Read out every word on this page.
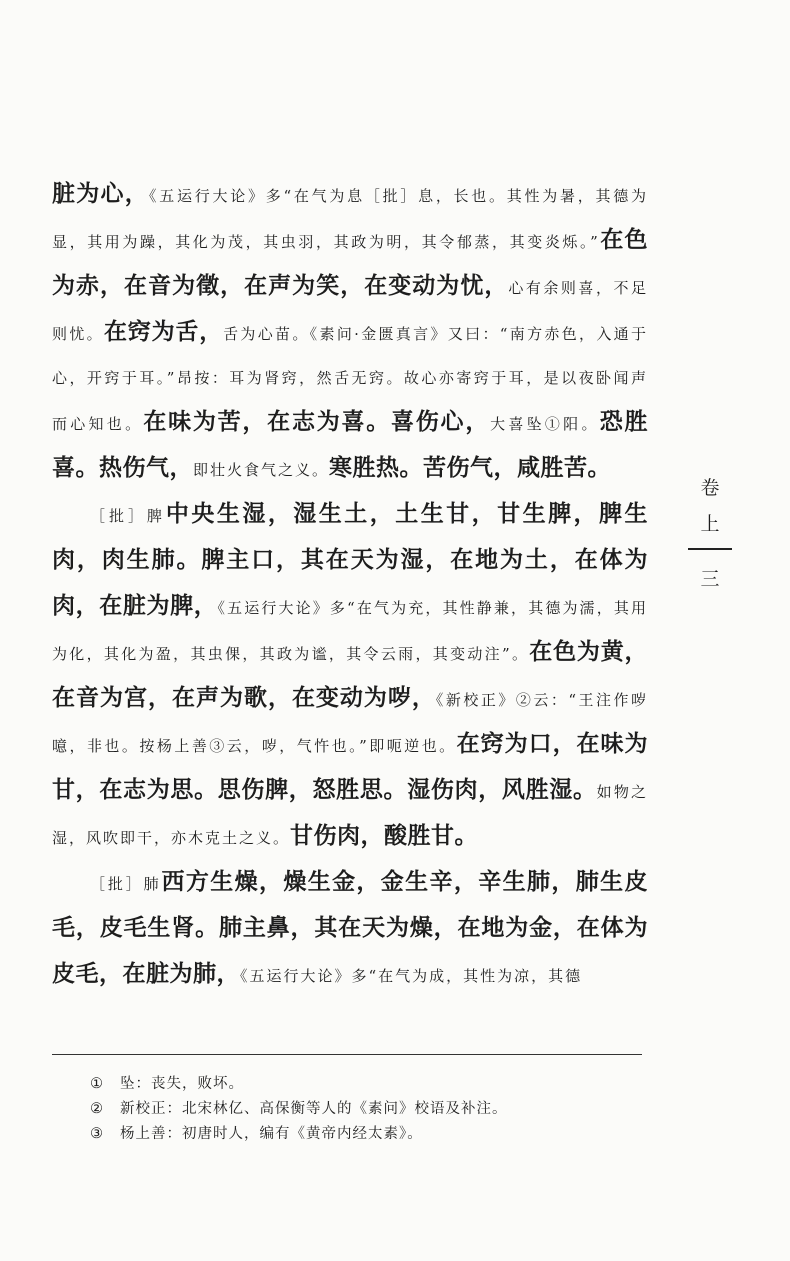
脏为心，《五运行大论》多“在气为息［批］息，长也。其性为暑，其德为显，其用为躁，其化为茂，其虫羽，其政为明，其令郁蒸，其变炎烁。”在色为赤，在音为徵，在声为笑，在变动为忧，心有余则喜，不足则忧。在窍为舌，舌为心苗。《素问·金匮真言》又曰：“南方赤色，入通于心，开窍于耳。”昂按：耳为肾窍，然舌无窍。故心亦寄窍于耳，是以夜卧闻声而心知也。在味为苦，在志为喜。喜伤心，大喜坠①阳。恐胜喜。热伤气，即壮火食气之义。寒胜热。苦伤气，咸胜苦。

［批］脾中央生湿，湿生土，土生甘，甘生脾，脾生肉，肉生肺。脾主口，其在天为湿，在地为土，在体为肉，在脏为脾，《五运行大论》多“在气为充，其性静兼，其德为濡，其用为化，其化为盈，其虫倮，其政为谧，其令云雨，其变动注”。在色为黄，在音为宫，在声为歌，在变动为哕，《新校正》②云：“王注作哕噫，非也。按杨上善③云，哕，气忤也。”即呃逆也。在窍为口，在味为甘，在志为思。思伤脾，怒胜思。湿伤肉，风胜湿。如物之湿，风吹即干，亦木克土之义。甘伤肉，酸胜甘。

［批］肺西方生燥，燥生金，金生辛，辛生肺，肺生皮毛，皮毛生肾。肺主鼻，其在天为燥，在地为金，在体为皮毛，在脏为肺，《五运行大论》多“在气为成，其性为凉，其德

卷
上
三
① 坠：丧失，败坏。
② 新校正：北宋林亿、高保衡等人的《素问》校语及补注。
③ 杨上善：初唐时人，编有《黄帝内经太素》。
